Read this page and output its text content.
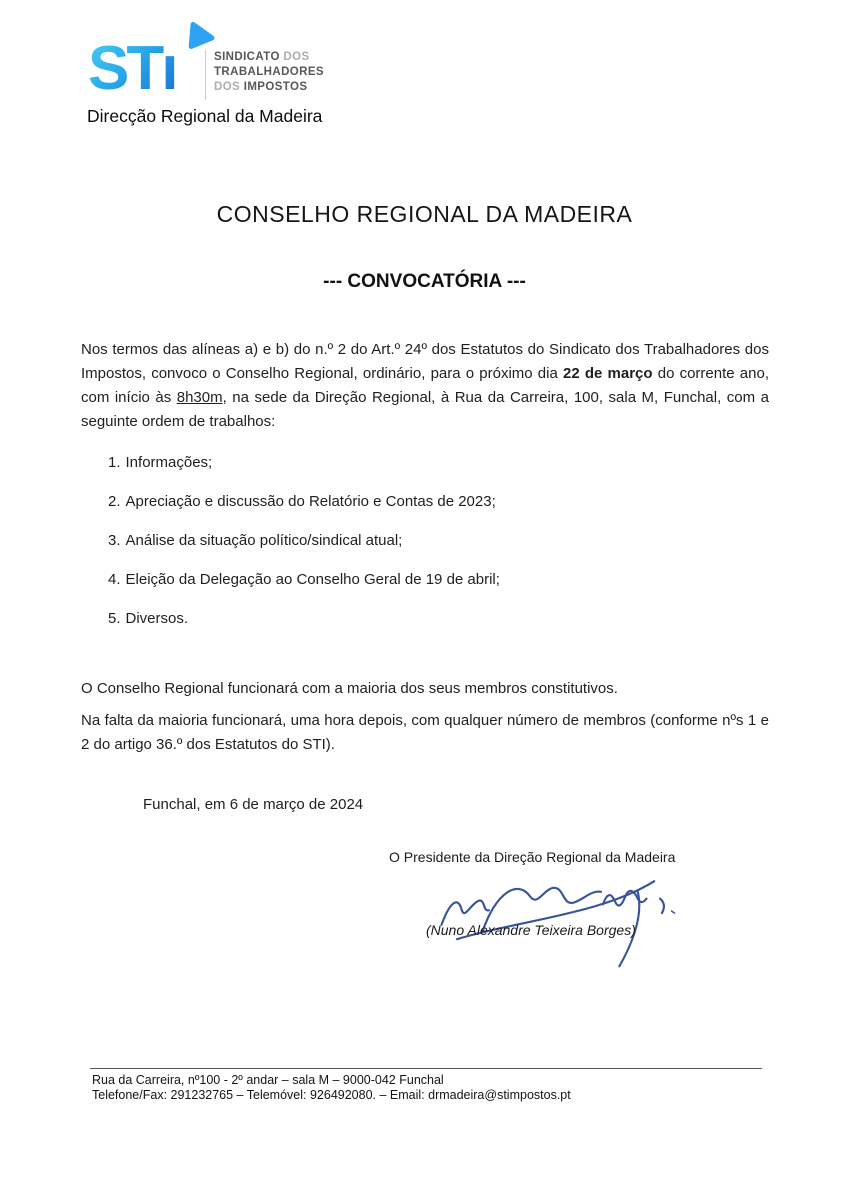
STı	SINDICATO DOS
TRABALHADORES
DOS IMPOSTOS
Direcção Regional da Madeira
CONSELHO REGIONAL DA MADEIRA
--- CONVOCATÓRIA ---

Nos termos das alíneas a) e b) do n.º 2 do Art.º 24º dos Estatutos do Sindicato dos Trabalhadores dos Impostos, convoco o Conselho Regional, ordinário, para o próximo dia 22 de março do corrente ano, com início às 8h30m, na sede da Direção Regional, à Rua da Carreira, 100, sala M, Funchal, com a seguinte ordem de trabalhos:

1. Informações;
2. Apreciação e discussão do Relatório e Contas de 2023;
3. Análise da situação político/sindical atual;
4. Eleição da Delegação ao Conselho Geral de 19 de abril;
5. Diversos.

O Conselho Regional funcionará com a maioria dos seus membros constitutivos.

Na falta da maioria funcionará, uma hora depois, com qualquer número de membros (conforme nºs 1 e 2 do artigo 36.º dos Estatutos do STI).

Funchal, em 6 de março de 2024
O Presidente da Direção Regional da Madeira
(Nuno Alexandre Teixeira Borges)
Rua da Carreira, nº100 - 2º andar – sala M – 9000-042 Funchal
Telefone/Fax: 291232765 – Telemóvel: 926492080. – Email: drmadeira@stimpostos.pt
